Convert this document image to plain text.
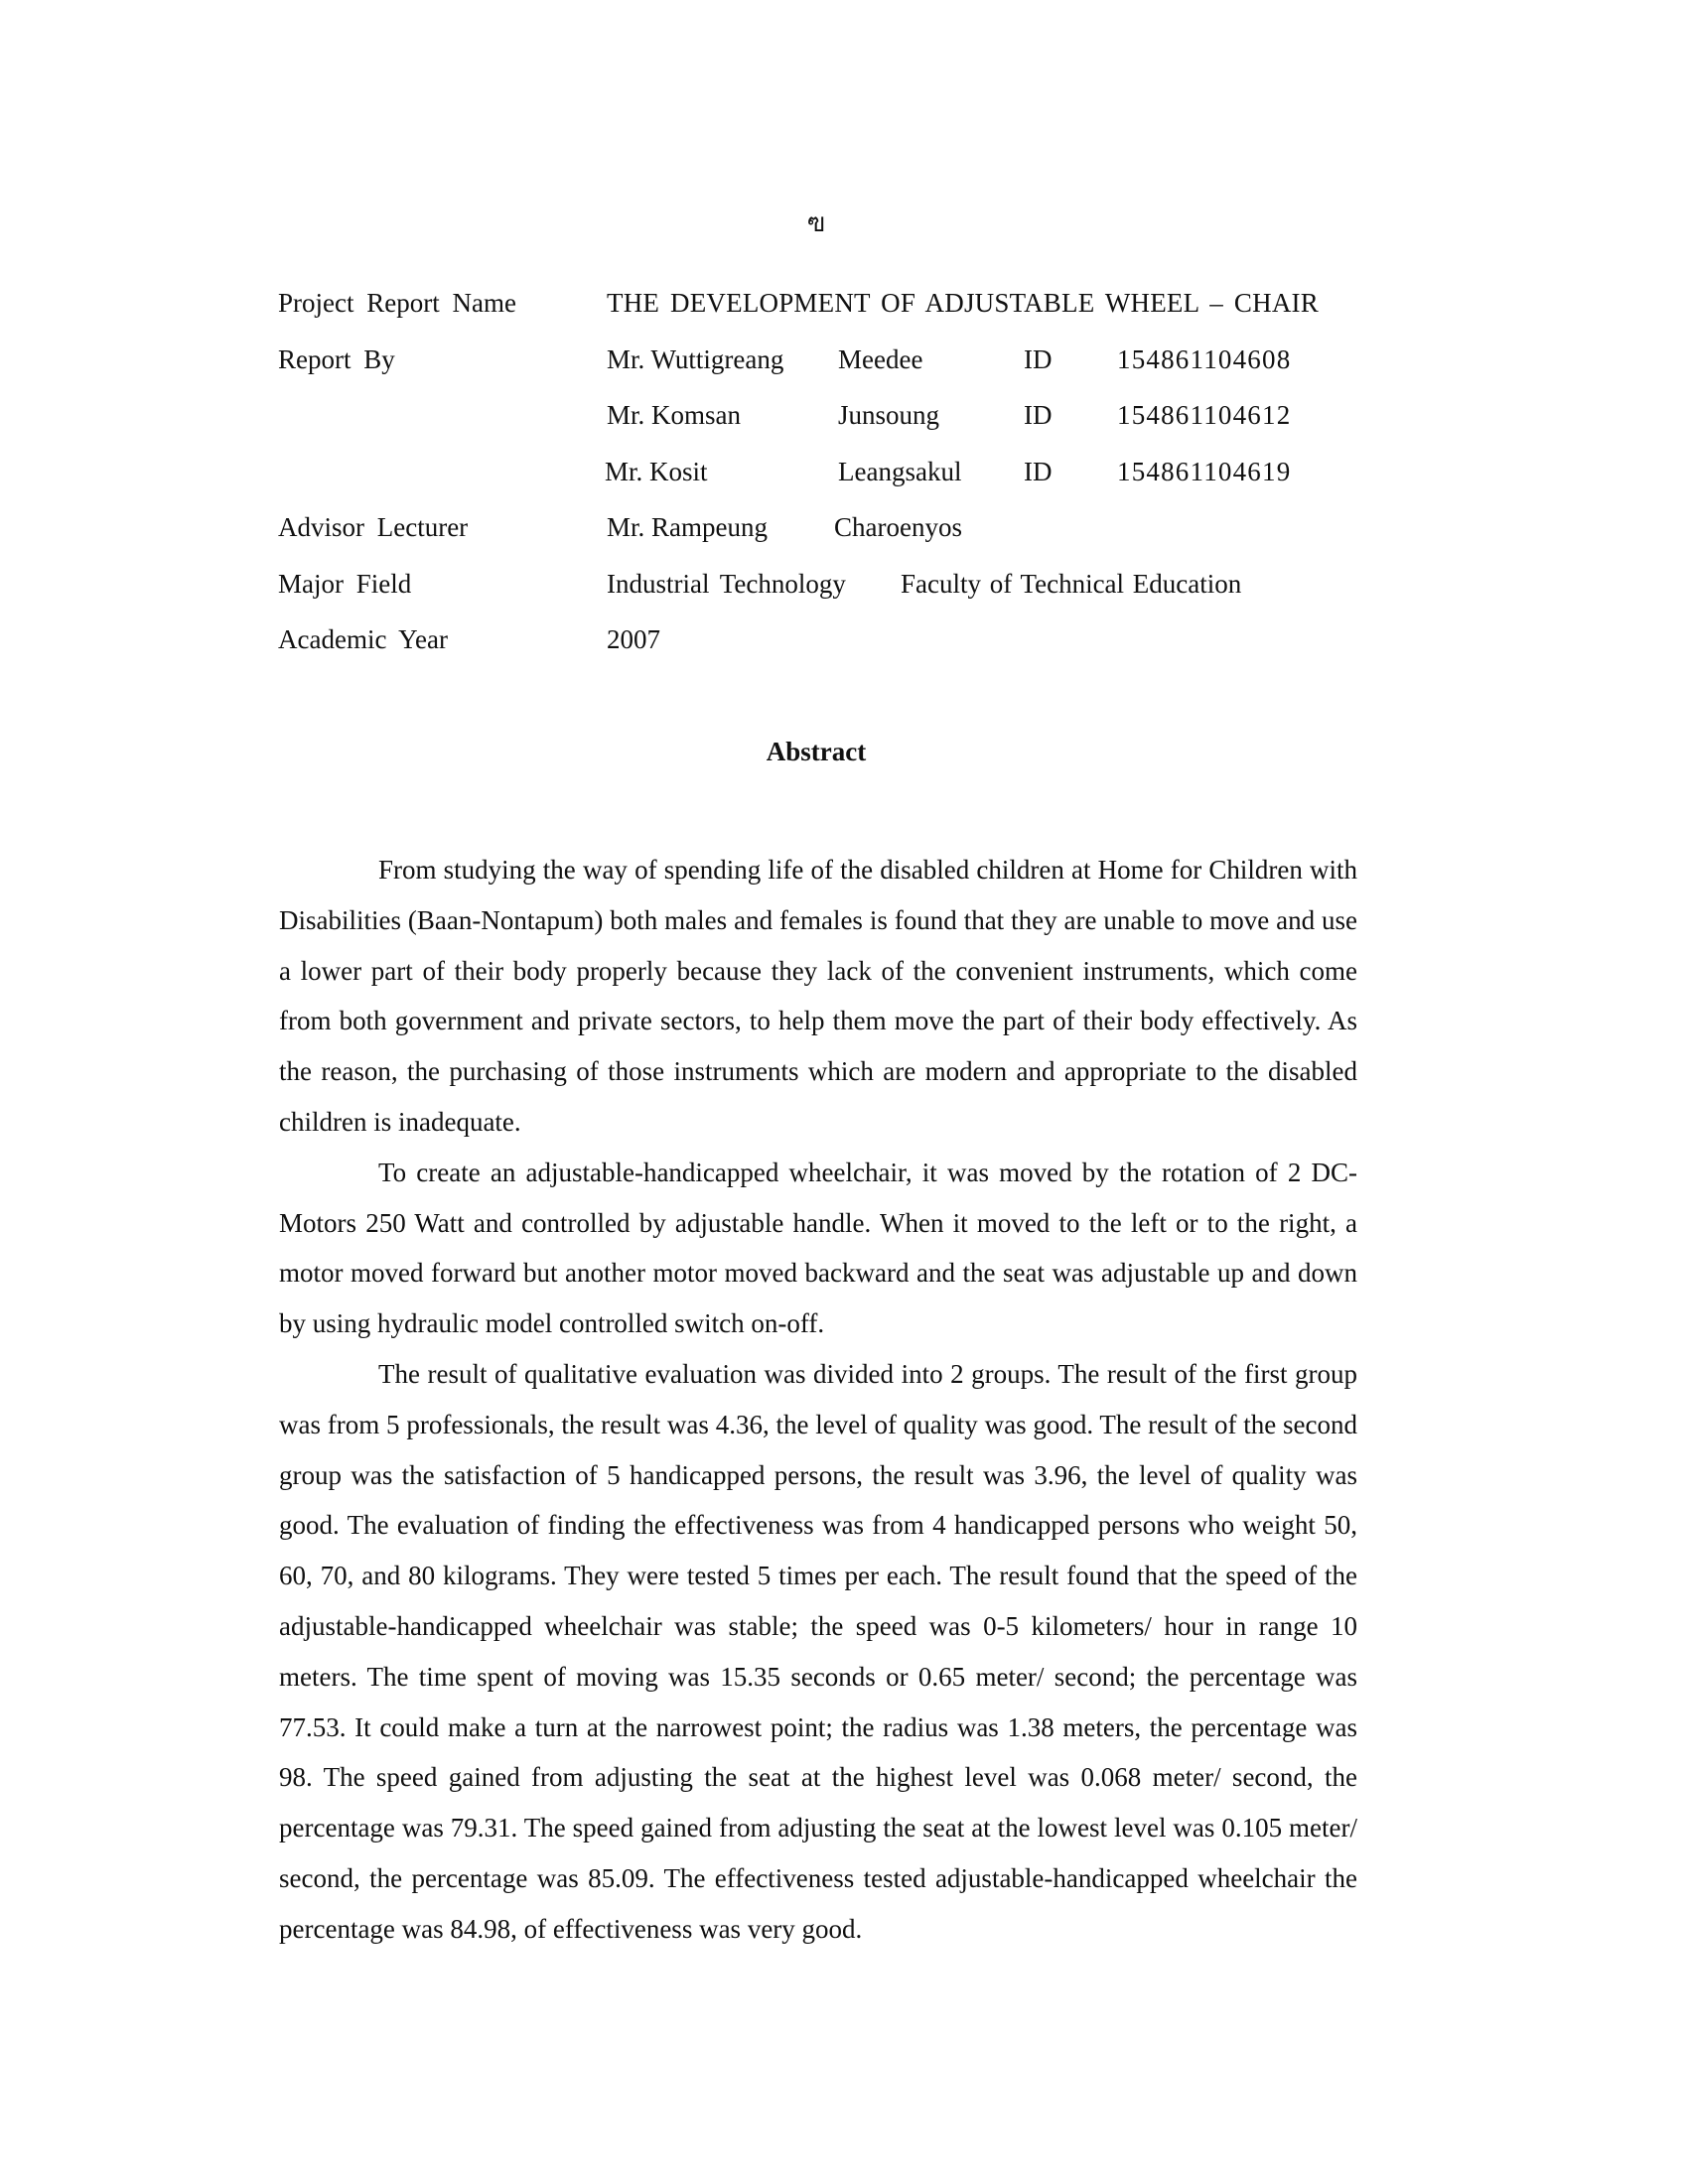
ฃ
Project Report Name	THE DEVELOPMENT OF ADJUSTABLE WHEEL – CHAIR
Report By	Mr. Wuttigreang Meedee	ID 154861104608
Mr. Komsan	Junsoung	ID 154861104612
Mr. Kosit	Leangsakul ID 154861104619
Advisor Lecturer	Mr. Rampeung Charoenyos
Major Field	Industrial Technology Faculty of Technical Education
Academic Year	2007
Abstract

From studying the way of spending life of the disabled children at Home for Children with Disabilities (Baan-Nontapum) both males and females is found that they are unable to move and use a lower part of their body properly because they lack of the convenient instruments, which come from both government and private sectors, to help them move the part of their body effectively. As the reason, the purchasing of those instruments which are modern and appropriate to the disabled children is inadequate.

To create an adjustable-handicapped wheelchair, it was moved by the rotation of 2 DC-Motors 250 Watt and controlled by adjustable handle. When it moved to the left or to the right, a motor moved forward but another motor moved backward and the seat was adjustable up and down by using hydraulic model controlled switch on-off.

The result of qualitative evaluation was divided into 2 groups. The result of the first group was from 5 professionals, the result was 4.36, the level of quality was good. The result of the second group was the satisfaction of 5 handicapped persons, the result was 3.96, the level of quality was good. The evaluation of finding the effectiveness was from 4 handicapped persons who weight 50, 60, 70, and 80 kilograms. They were tested 5 times per each. The result found that the speed of the adjustable-handicapped wheelchair was stable; the speed was 0-5 kilometers/ hour in range 10 meters. The time spent of moving was 15.35 seconds or 0.65 meter/ second; the percentage was 77.53. It could make a turn at the narrowest point; the radius was 1.38 meters, the percentage was 98. The speed gained from adjusting the seat at the highest level was 0.068 meter/ second, the percentage was 79.31. The speed gained from adjusting the seat at the lowest level was 0.105 meter/ second, the percentage was 85.09. The effectiveness tested adjustable-handicapped wheelchair the percentage was 84.98, of effectiveness was very good.
